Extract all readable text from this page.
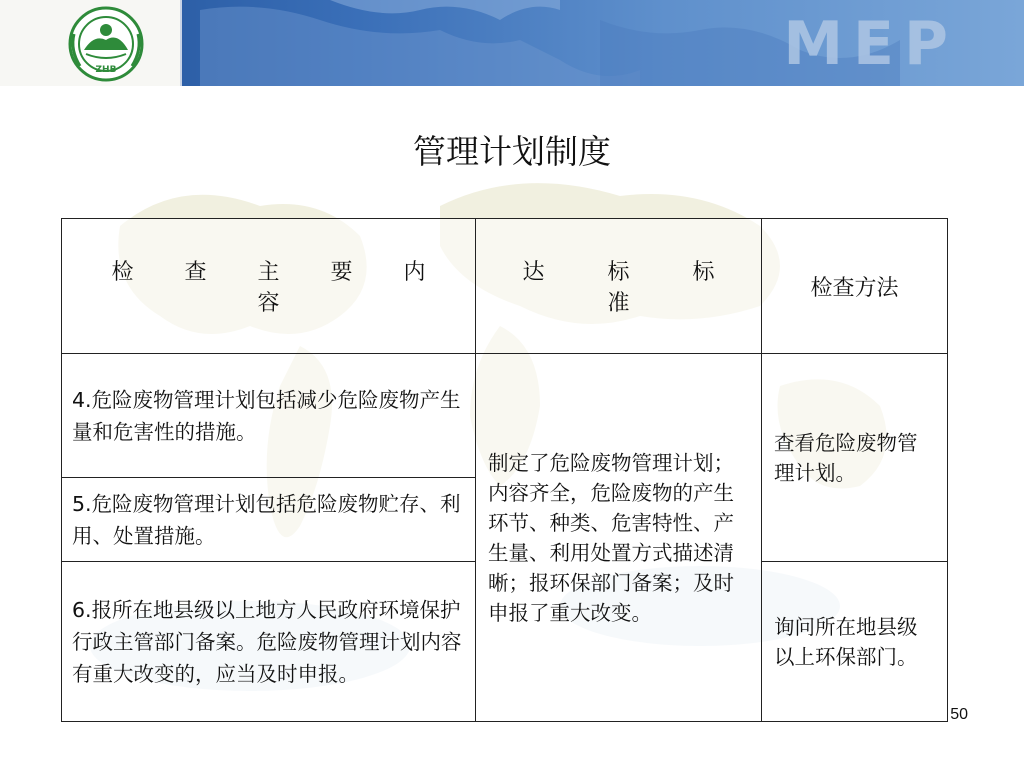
ZHB	MEP
管理计划制度
检 查 主 要 内 容	达 标 标 准	检查方法
4.危险废物管理计划包括减少危险废物产生量和危害性的措施。	制定了危险废物管理计划；内容齐全，危险废物的产生环节、种类、危害特性、产生量、利用处置方式描述清晰；报环保部门备案；及时申报了重大改变。	查看危险废物管理计划。
5.危险废物管理计划包括危险废物贮存、利用、处置措施。		
6.报所在地县级以上地方人民政府环境保护行政主管部门备案。危险废物管理计划内容有重大改变的，应当及时申报。		询问所在地县级以上环保部门。
50
